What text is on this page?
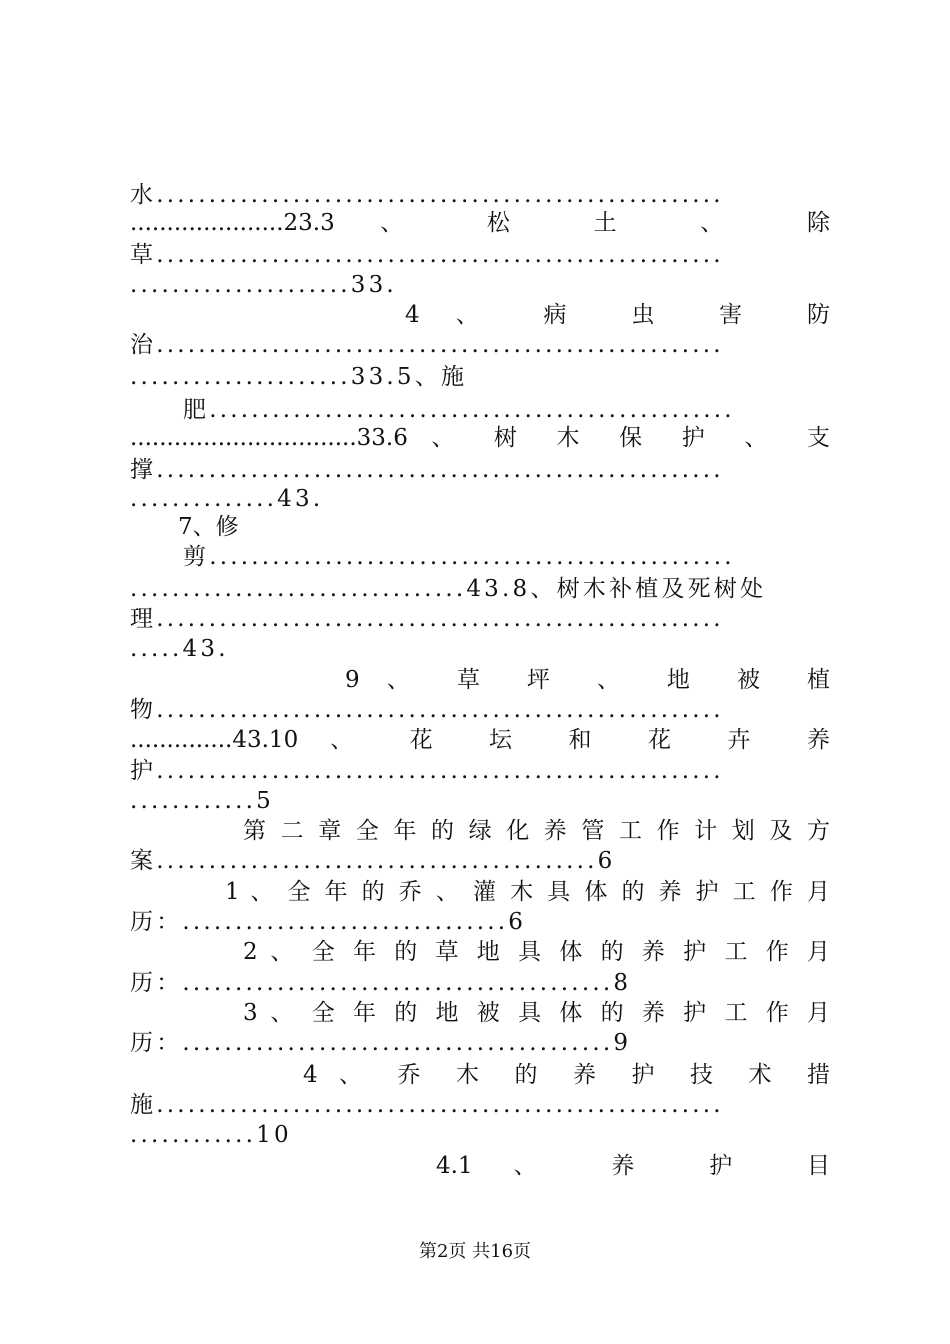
水......................................................
.....................23.3 、 松 土 、 除
草......................................................
.....................33.
4 、 病 虫 害 防
治......................................................
.....................33.5、施
肥..................................................
...............................33.6 、 树 木 保 护 、 支
撑......................................................
..............43.
7、修
剪..................................................
................................43.8、树木补植及死树处
理......................................................
.....43.
9 、 草 坪 、 地 被 植
物......................................................
..............43.10 、 花 坛 和 花 卉 养
护......................................................
............5
第 二 章 全 年 的 绿 化 养 管 工 作 计 划 及 方
案..........................................6
1 、 全 年 的 乔 、 灌 木 具 体 的 养 护 工 作 月
历：...............................6
2 、 全 年 的 草 地 具 体 的 养 护 工 作 月
历：.........................................8
3 、 全 年 的 地 被 具 体 的 养 护 工 作 月
历：.........................................9
4 、 乔 木 的 养 护 技 术 措
施......................................................
............10
4.1 、 养 护 目
第2页 共16页
